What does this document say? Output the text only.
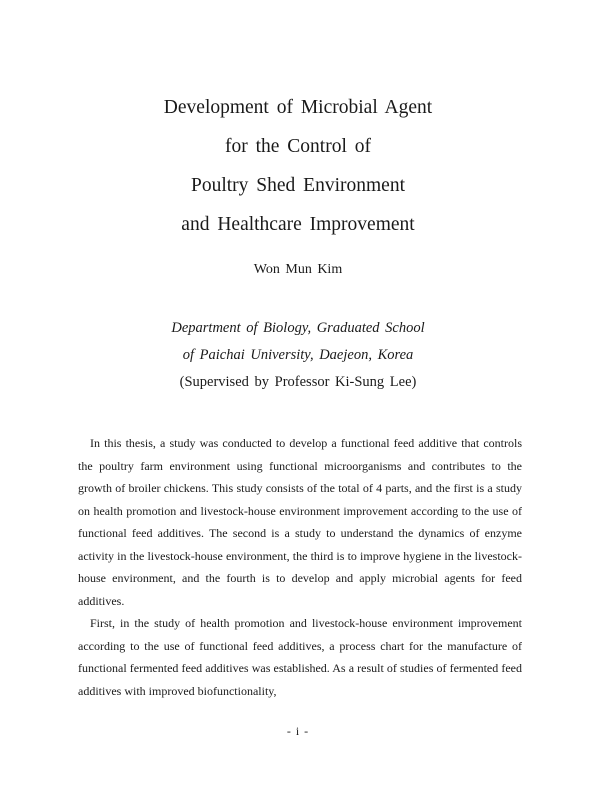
Development of Microbial Agent
for the Control of
Poultry Shed Environment
and Healthcare Improvement
Won Mun Kim
Department of Biology, Graduated School
of Paichai University, Daejeon, Korea
(Supervised by Professor Ki-Sung Lee)

In this thesis, a study was conducted to develop a functional feed additive that controls the poultry farm environment using functional microorganisms and contributes to the growth of broiler chickens. This study consists of the total of 4 parts, and the first is a study on health promotion and livestock-house environment improvement according to the use of functional feed additives. The second is a study to understand the dynamics of enzyme activity in the livestock-house environment, the third is to improve hygiene in the livestock-house environment, and the fourth is to develop and apply microbial agents for feed additives.

First, in the study of health promotion and livestock-house environment improvement according to the use of functional feed additives, a process chart for the manufacture of functional fermented feed additives was established. As a result of studies of fermented feed additives with improved biofunctionality,

- i -
